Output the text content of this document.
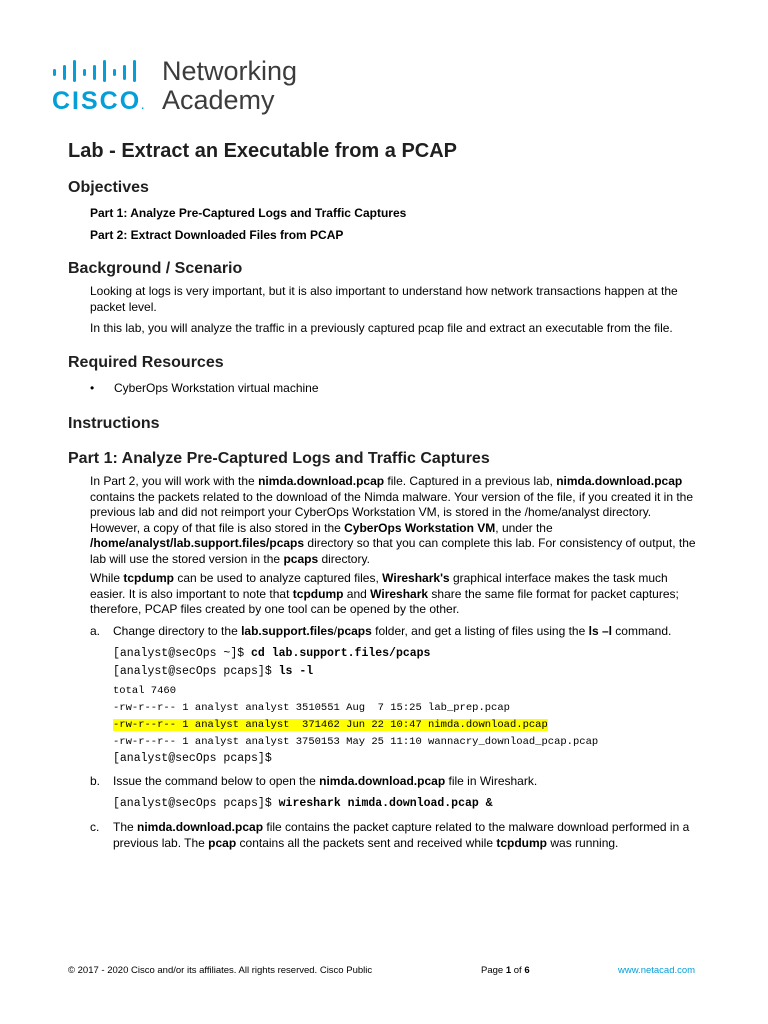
CISCO.
Networking
Academy
Lab - Extract an Executable from a PCAP
Objectives
Part 1: Analyze Pre-Captured Logs and Traffic Captures
Part 2: Extract Downloaded Files from PCAP
Background / Scenario

Looking at logs is very important, but it is also important to understand how network transactions happen at the packet level.

In this lab, you will analyze the traffic in a previously captured pcap file and extract an executable from the file.

Required Resources
• CyberOps Workstation virtual machine
Instructions
Part 1: Analyze Pre-Captured Logs and Traffic Captures

In Part 2, you will work with the nimda.download.pcap file. Captured in a previous lab, nimda.download.pcap contains the packets related to the download of the Nimda malware. Your version of the file, if you created it in the previous lab and did not reimport your CyberOps Workstation VM, is stored in the /home/analyst directory. However, a copy of that file is also stored in the CyberOps Workstation VM, under the /home/analyst/lab.support.files/pcaps directory so that you can complete this lab. For consistency of output, the lab will use the stored version in the pcaps directory.

While tcpdump can be used to analyze captured files, Wireshark's graphical interface makes the task much easier. It is also important to note that tcpdump and Wireshark share the same file format for packet captures; therefore, PCAP files created by one tool can be opened by the other.

a. Change directory to the lab.support.files/pcaps folder, and get a listing of files using the ls –l command.
[analyst@secOps ~]$ cd lab.support.files/pcaps
[analyst@secOps pcaps]$ ls -l
total 7460
-rw-r--r-- 1 analyst analyst 3510551 Aug  7 15:25 lab_prep.pcap
-rw-r--r-- 1 analyst analyst  371462 Jun 22 10:47 nimda.download.pcap
-rw-r--r-- 1 analyst analyst 3750153 May 25 11:10 wannacry_download_pcap.pcap
[analyst@secOps pcaps]$
b. Issue the command below to open the nimda.download.pcap file in Wireshark.
[analyst@secOps pcaps]$ wireshark nimda.download.pcap &
c. The nimda.download.pcap file contains the packet capture related to the malware download performed in a previous lab. The pcap contains all the packets sent and received while tcpdump was running.
© 2017 - 2020 Cisco and/or its affiliates. All rights reserved. Cisco Public	Page 1 of 6	www.netacad.com
